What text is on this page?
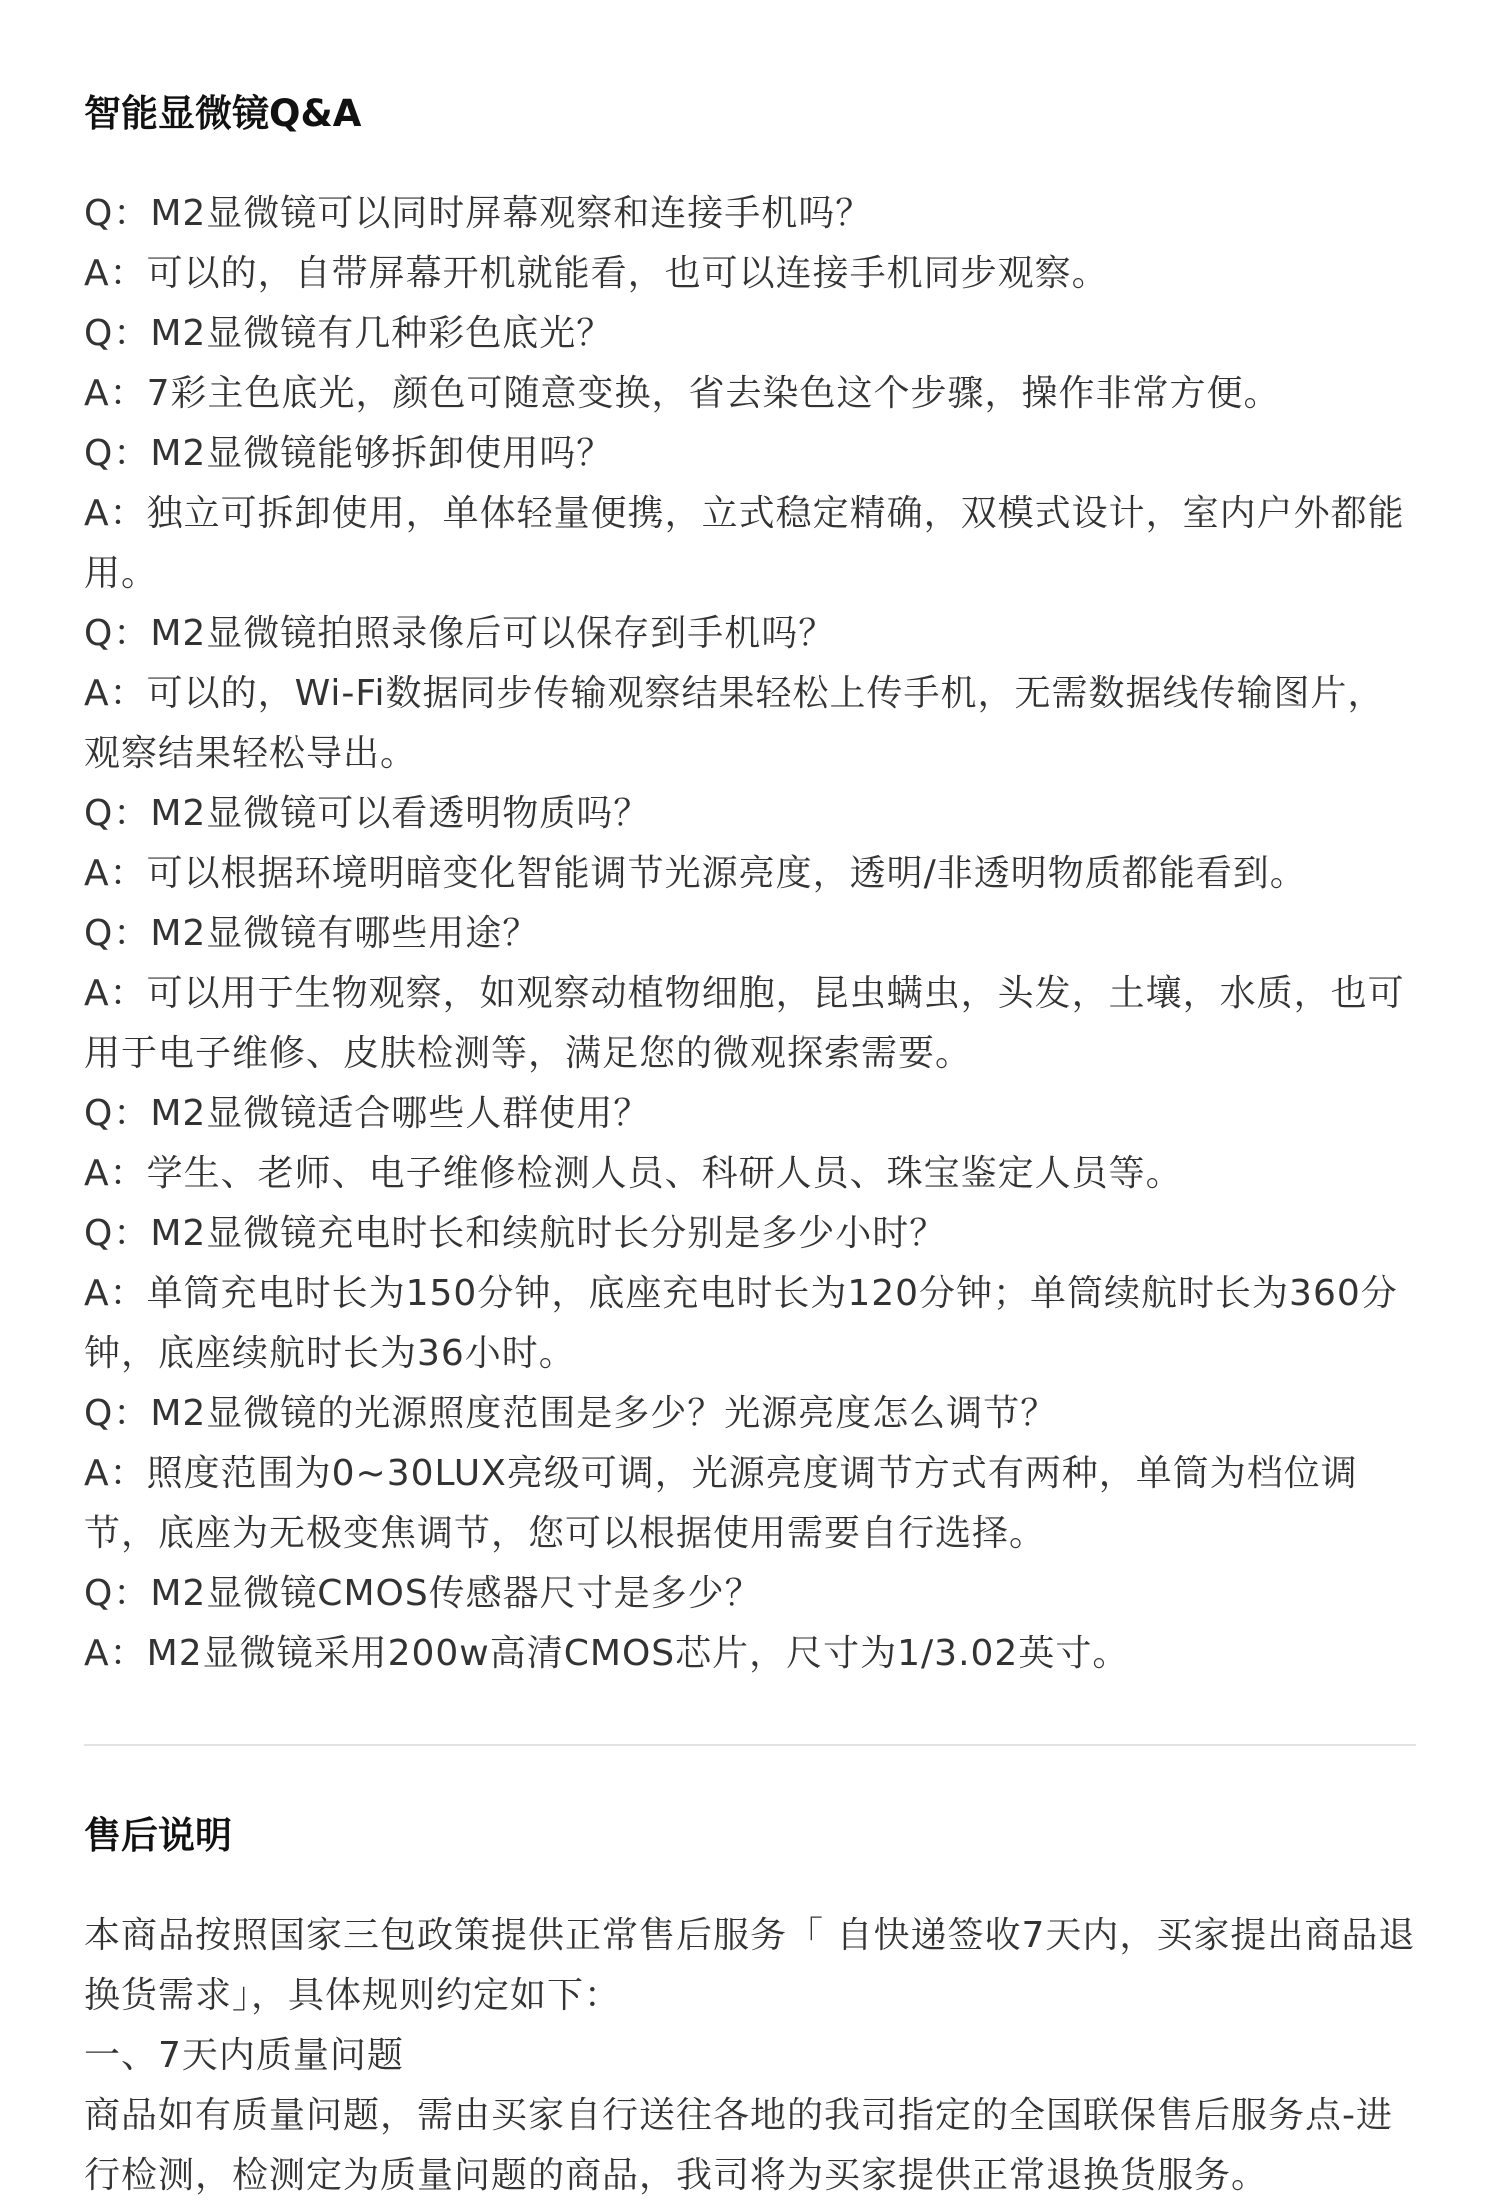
智能显微镜Q&A

Q：M2显微镜可以同时屏幕观察和连接手机吗？

A：可以的，自带屏幕开机就能看，也可以连接手机同步观察。

Q：M2显微镜有几种彩色底光？

A：7彩主色底光，颜色可随意变换，省去染色这个步骤，操作非常方便。

Q：M2显微镜能够拆卸使用吗？

A：独立可拆卸使用，单体轻量便携，立式稳定精确，双模式设计，室内户外都能用。

Q：M2显微镜拍照录像后可以保存到手机吗？

A：可以的，Wi-Fi数据同步传输观察结果轻松上传手机，无需数据线传输图片，观察结果轻松导出。

Q：M2显微镜可以看透明物质吗？

A：可以根据环境明暗变化智能调节光源亮度，透明/非透明物质都能看到。

Q：M2显微镜有哪些用途？

A：可以用于生物观察，如观察动植物细胞，昆虫螨虫，头发，土壤，水质，也可用于电子维修、皮肤检测等，满足您的微观探索需要。

Q：M2显微镜适合哪些人群使用？

A：学生、老师、电子维修检测人员、科研人员、珠宝鉴定人员等。

Q：M2显微镜充电时长和续航时长分别是多少小时？

A：单筒充电时长为150分钟，底座充电时长为120分钟；单筒续航时长为360分钟，底座续航时长为36小时。

Q：M2显微镜的光源照度范围是多少？光源亮度怎么调节？

A：照度范围为0~30LUX亮级可调，光源亮度调节方式有两种，单筒为档位调节，底座为无极变焦调节，您可以根据使用需要自行选择。

Q：M2显微镜CMOS传感器尺寸是多少？

A：M2显微镜采用200w高清CMOS芯片，尺寸为1/3.02英寸。

售后说明

本商品按照国家三包政策提供正常售后服务「 自快递签收7天内，买家提出商品退换货需求」，具体规则约定如下：

一、7天内质量问题

商品如有质量问题，需由买家自行送往各地的我司指定的全国联保售后服务点-进行检测，检测定为质量问题的商品，我司将为买家提供正常退换货服务。
